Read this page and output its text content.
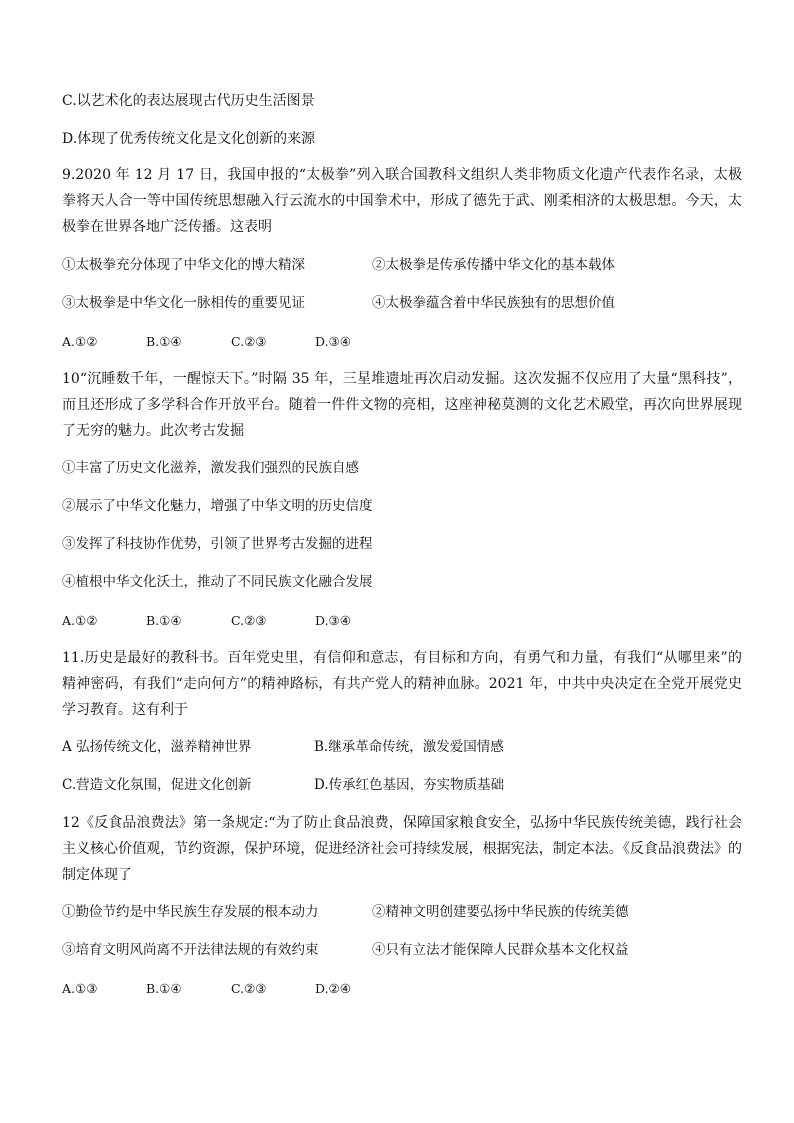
C.以艺术化的表达展现古代历史生活图景
D.体现了优秀传统文化是文化创新的来源
9.2020 年 12 月 17 日，我国申报的“太极拳”列入联合国教科文组织人类非物质文化遗产代表作名录，太极拳将天人合一等中国传统思想融入行云流水的中国拳术中，形成了德先于武、刚柔相济的太极思想。今天，太极拳在世界各地广泛传播。这表明
①太极拳充分体现了中华文化的博大精深	②太极拳是传承传播中华文化的基本载体
③太极拳是中华文化一脉相传的重要见证	④太极拳蕴含着中华民族独有的思想价值
A.①②	B.①④	C.②③	D.③④
10“沉睡数千年，一醒惊天下。”时隔 35 年，三星堆遗址再次启动发掘。这次发掘不仅应用了大量“黑科技”，而且还形成了多学科合作开放平台。随着一件件文物的亮相，这座神秘莫测的文化艺术殿堂，再次向世界展现了无穷的魅力。此次考古发掘
①丰富了历史文化滋养，激发我们强烈的民族自感
②展示了中华文化魅力，增强了中华文明的历史信度
③发挥了科技协作优势，引领了世界考古发掘的进程
④植根中华文化沃土，推动了不同民族文化融合发展
A.①②	B.①④	C.②③	D.③④
11.历史是最好的教科书。百年党史里，有信仰和意志，有目标和方向，有勇气和力量，有我们“从哪里来”的精神密码，有我们“走向何方”的精神路标，有共产党人的精神血脉。2021 年，中共中央决定在全党开展党史学习教育。这有利于
A 弘扬传统文化，滋养精神世界	B.继承革命传统，激发爱国情感
C.营造文化氛围，促进文化创新	D.传承红色基因，夯实物质基础
12《反食品浪费法》第一条规定:“为了防止食品浪费，保障国家粮食安全，弘扬中华民族传统美德，践行社会主义核心价值观，节约资源，保护环境，促进经济社会可持续发展，根据宪法，制定本法。《反食品浪费法》的制定体现了
①勤俭节约是中华民族生存发展的根本动力	②精神文明创建要弘扬中华民族的传统美德
③培育文明风尚离不开法律法规的有效约束	④只有立法才能保障人民群众基本文化权益
A.①③	B.①④	C.②③	D.②④
